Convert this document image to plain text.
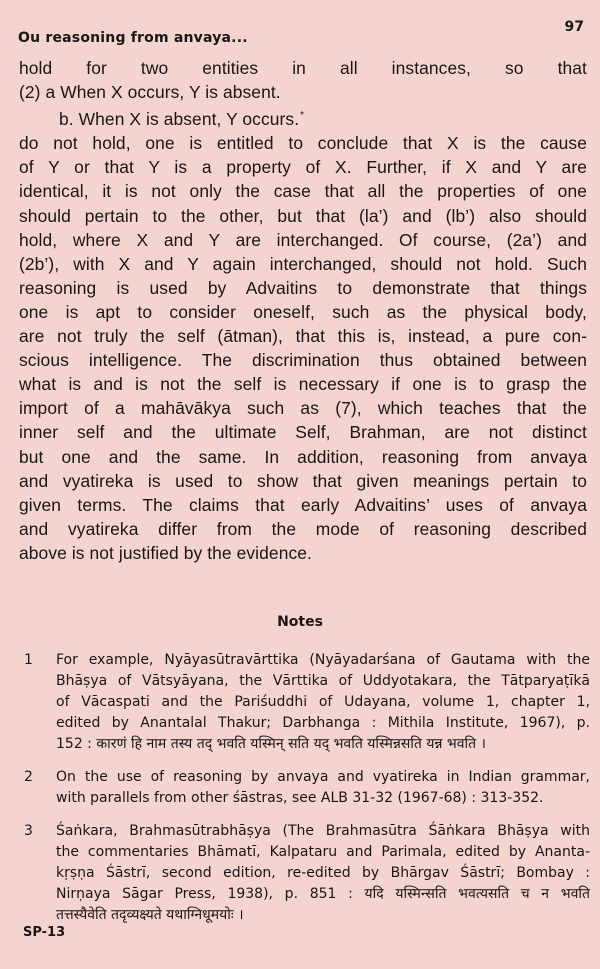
Ou reasoning from anvaya...
97
hold for two entities in all instances, so that
(2) a When X occurs, Y is absent.
b. When X is absent, Y occurs.*
do not hold, one is entitled to conclude that X is the cause
of Y or that Y is a property of X. Further, if X and Y are
identical, it is not only the case that all the properties of one
should pertain to the other, but that (la’) and (lb’) also should
hold, where X and Y are interchanged. Of course, (2a’) and
(2b’), with X and Y again interchanged, should not hold. Such
reasoning is used by Advaitins to demonstrate that things
one is apt to consider oneself, such as the physical body,
are not truly the self (ātman), that this is, instead, a pure con-
scious intelligence. The discrimination thus obtained between
what is and is not the self is necessary if one is to grasp the
import of a mahāvākya such as (7), which teaches that the
inner self and the ultimate Self, Brahman, are not distinct
but one and the same. In addition, reasoning from anvaya
and vyatireka is used to show that given meanings pertain to
given terms. The claims that early Advaitins’ uses of anvaya
and vyatireka differ from the mode of reasoning described
above is not justified by the evidence.
Notes
1 For example, Nyāyasūtravārttika (Nyāyadarśana of Gautama with the
Bhāṣya of Vātsyāyana, the Vārttika of Uddyotakara, the Tātparyaṭīkā
of Vācaspati and the Pariśuddhi of Udayana, volume 1, chapter 1,
edited by Anantalal Thakur; Darbhanga : Mithila Institute, 1967), p.
152 : कारणं हि नाम तस्य तद् भवति यस्मिन् सति यद् भवति यस्मिन्नसति यन्न भवति ।
2 On the use of reasoning by anvaya and vyatireka in Indian grammar,
with parallels from other śāstras, see ALB 31-32 (1967-68) : 313-352.
3 Śaṅkara, Brahmasūtrabhāṣya (The Brahmasūtra Śāṅkara Bhāṣya with
the commentaries Bhāmatī, Kalpataru and Parimala, edited by Ananta-
kṛṣṇa Śāstrī, second edition, re-edited by Bhārgav Śāstrī; Bombay :
Nirṇaya Sāgar Press, 1938), p. 851 : यदि यस्मिन्सति भवत्यसति च न भवति
तत्तस्यैवेति तदृव्यक्ष्यते यथाग्निधूमयोः ।
SP-13
